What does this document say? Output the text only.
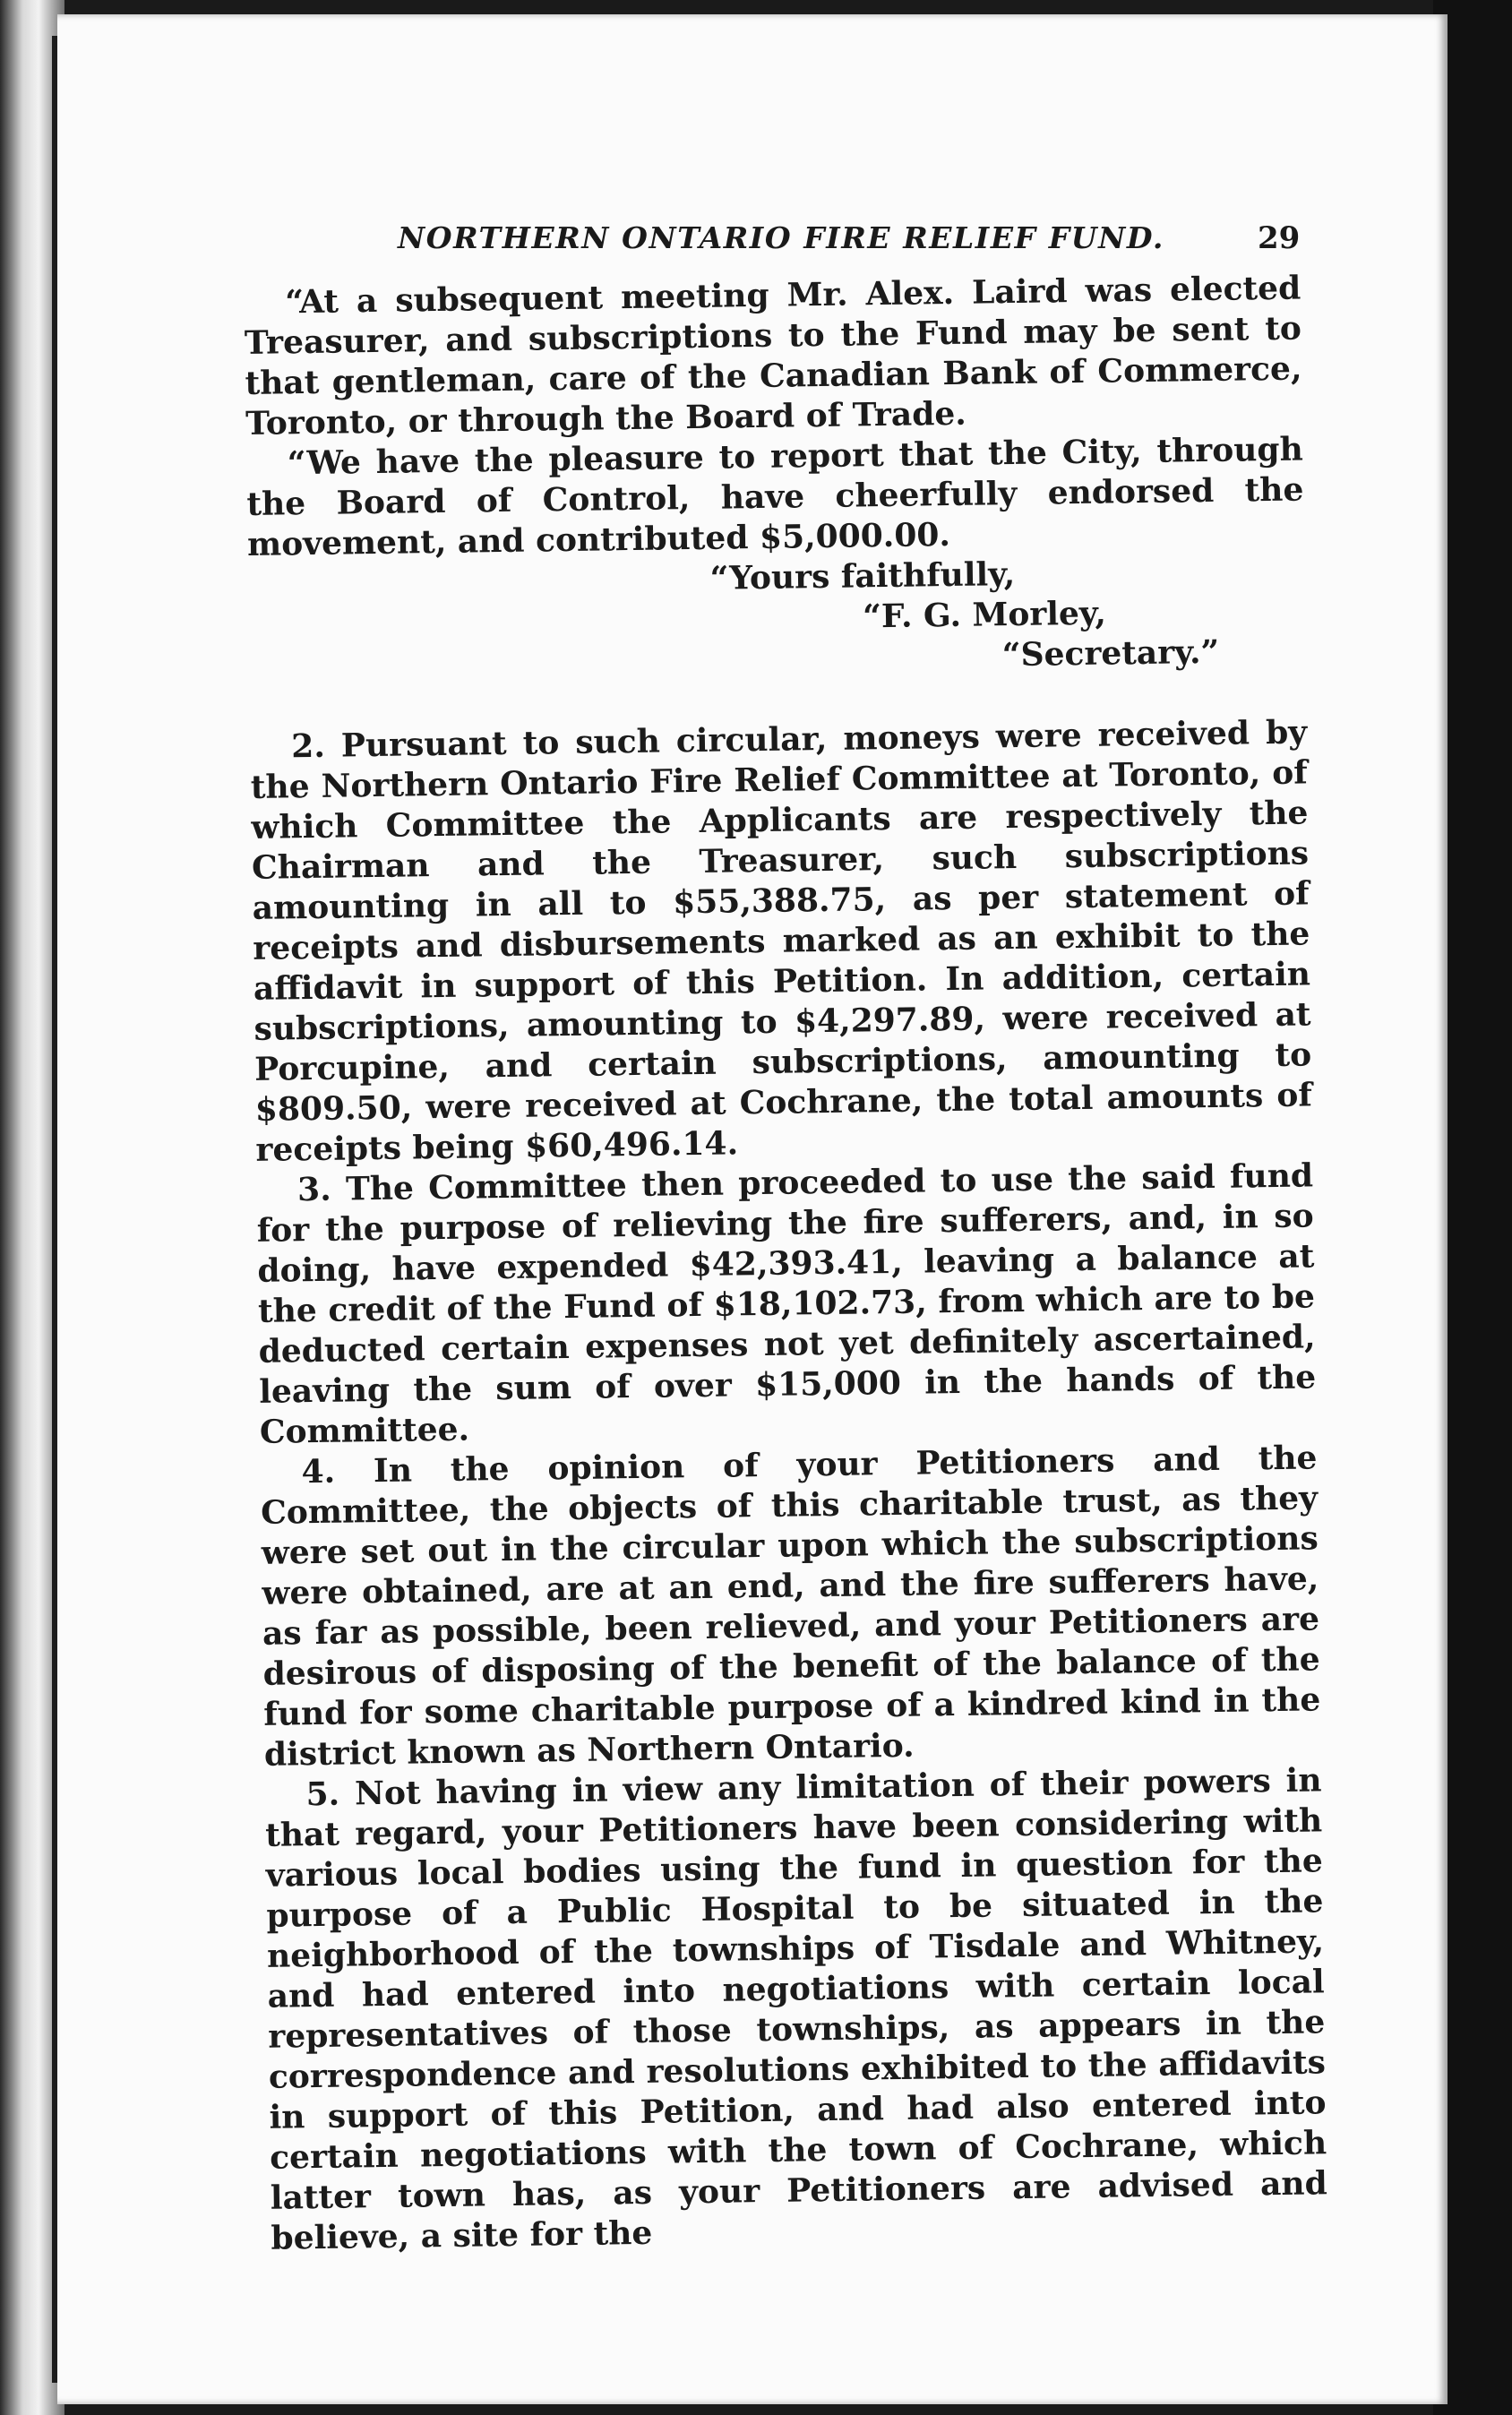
NORTHERN ONTARIO FIRE RELIEF FUND.	29

“At a subsequent meeting Mr. Alex. Laird was elected Treasurer, and subscriptions to the Fund may be sent to that gentleman, care of the Canadian Bank of Commerce, Toronto, or through the Board of Trade.

“We have the pleasure to report that the City, through the Board of Control, have cheerfully endorsed the movement, and contributed $5,000.00.

“Yours faithfully,

“F. G. Morley,

“Secretary.”

2. Pursuant to such circular, moneys were received by the Northern Ontario Fire Relief Committee at Toronto, of which Committee the Applicants are respectively the Chairman and the Treasurer, such subscriptions amounting in all to $55,388.75, as per statement of receipts and disbursements marked as an exhibit to the affidavit in support of this Petition. In addition, certain subscriptions, amounting to $4,297.89, were received at Porcupine, and certain subscriptions, amounting to $809.50, were received at Cochrane, the total amounts of receipts being $60,496.14.

3. The Committee then proceeded to use the said fund for the purpose of relieving the fire sufferers, and, in so doing, have expended $42,393.41, leaving a balance at the credit of the Fund of $18,102.73, from which are to be deducted certain expenses not yet definitely ascertained, leaving the sum of over $15,000 in the hands of the Committee.

4. In the opinion of your Petitioners and the Committee, the objects of this charitable trust, as they were set out in the circular upon which the subscriptions were obtained, are at an end, and the fire sufferers have, as far as possible, been relieved, and your Petitioners are desirous of disposing of the benefit of the balance of the fund for some charitable purpose of a kindred kind in the district known as Northern Ontario.

5. Not having in view any limitation of their powers in that regard, your Petitioners have been considering with various local bodies using the fund in question for the purpose of a Public Hospital to be situated in the neighborhood of the townships of Tisdale and Whitney, and had entered into negotiations with certain local representatives of those townships, as appears in the correspondence and resolutions exhibited to the affidavits in support of this Petition, and had also entered into certain negotiations with the town of Cochrane, which latter town has, as your Petitioners are advised and believe, a site for the
